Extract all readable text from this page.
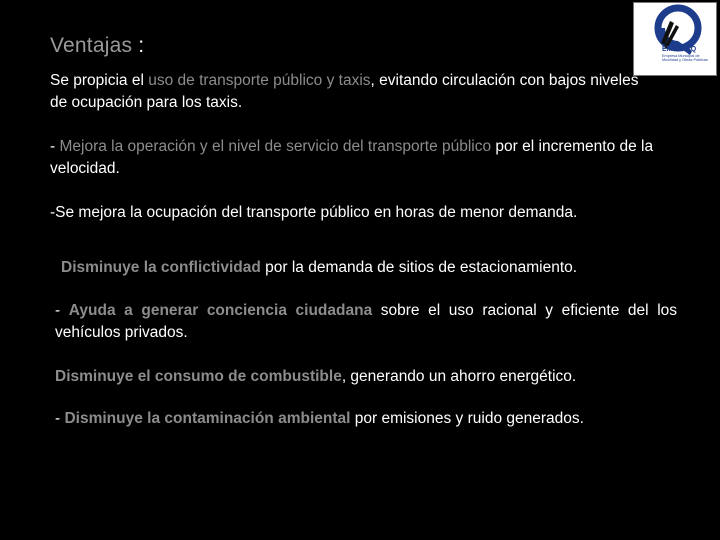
Ventajas :	EMMOP-Q
Empresa Municipal de Movilidad y Obras Públicas
Se propicia el uso de transporte público y taxis, evitando circulación con bajos niveles de ocupación para los taxis.
- Mejora la operación y el nivel de servicio del transporte público por el incremento de la velocidad.
-Se mejora la ocupación del transporte público en horas de menor demanda.
Disminuye la conflictividad por la demanda de sitios de estacionamiento.
- Ayuda a generar conciencia ciudadana sobre el uso racional y eficiente del los vehículos privados.
Disminuye el consumo de combustible, generando un ahorro energético.
- Disminuye la contaminación ambiental por emisiones y ruido generados.
